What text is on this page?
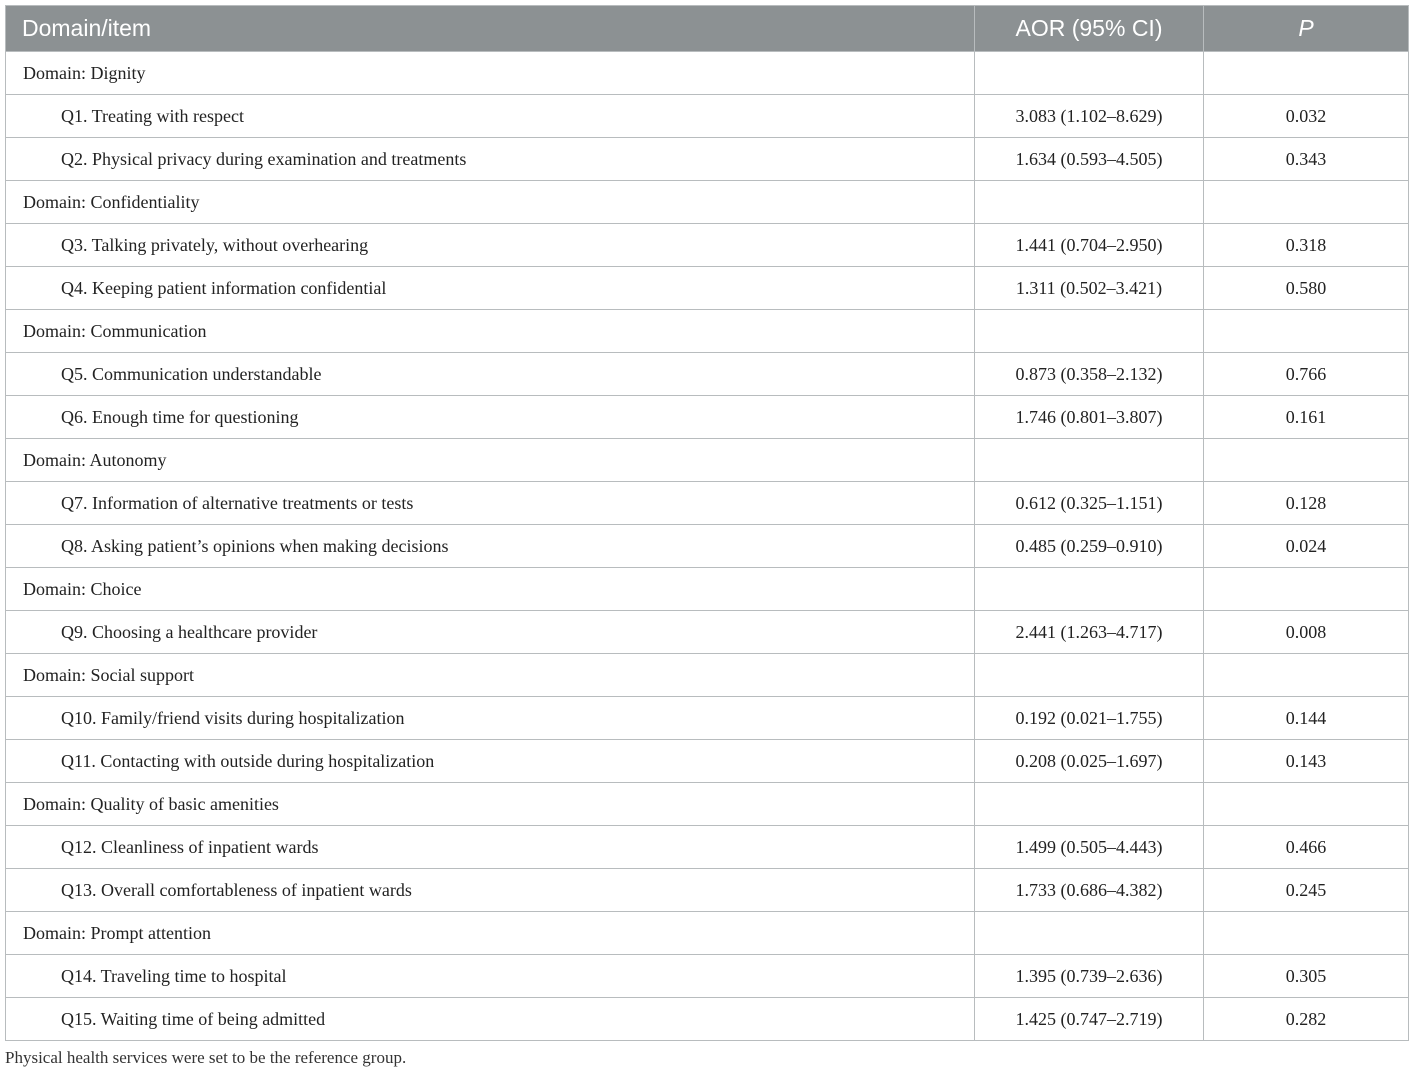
Domain/item	AOR (95% CI)	P
Domain: Dignity		
Q1. Treating with respect	3.083 (1.102–8.629)	0.032
Q2. Physical privacy during examination and treatments	1.634 (0.593–4.505)	0.343
Domain: Confidentiality		
Q3. Talking privately, without overhearing	1.441 (0.704–2.950)	0.318
Q4. Keeping patient information confidential	1.311 (0.502–3.421)	0.580
Domain: Communication		
Q5. Communication understandable	0.873 (0.358–2.132)	0.766
Q6. Enough time for questioning	1.746 (0.801–3.807)	0.161
Domain: Autonomy		
Q7. Information of alternative treatments or tests	0.612 (0.325–1.151)	0.128
Q8. Asking patient’s opinions when making decisions	0.485 (0.259–0.910)	0.024
Domain: Choice		
Q9. Choosing a healthcare provider	2.441 (1.263–4.717)	0.008
Domain: Social support		
Q10. Family/friend visits during hospitalization	0.192 (0.021–1.755)	0.144
Q11. Contacting with outside during hospitalization	0.208 (0.025–1.697)	0.143
Domain: Quality of basic amenities		
Q12. Cleanliness of inpatient wards	1.499 (0.505–4.443)	0.466
Q13. Overall comfortableness of inpatient wards	1.733 (0.686–4.382)	0.245
Domain: Prompt attention		
Q14. Traveling time to hospital	1.395 (0.739–2.636)	0.305
Q15. Waiting time of being admitted	1.425 (0.747–2.719)	0.282
Physical health services were set to be the reference group.
